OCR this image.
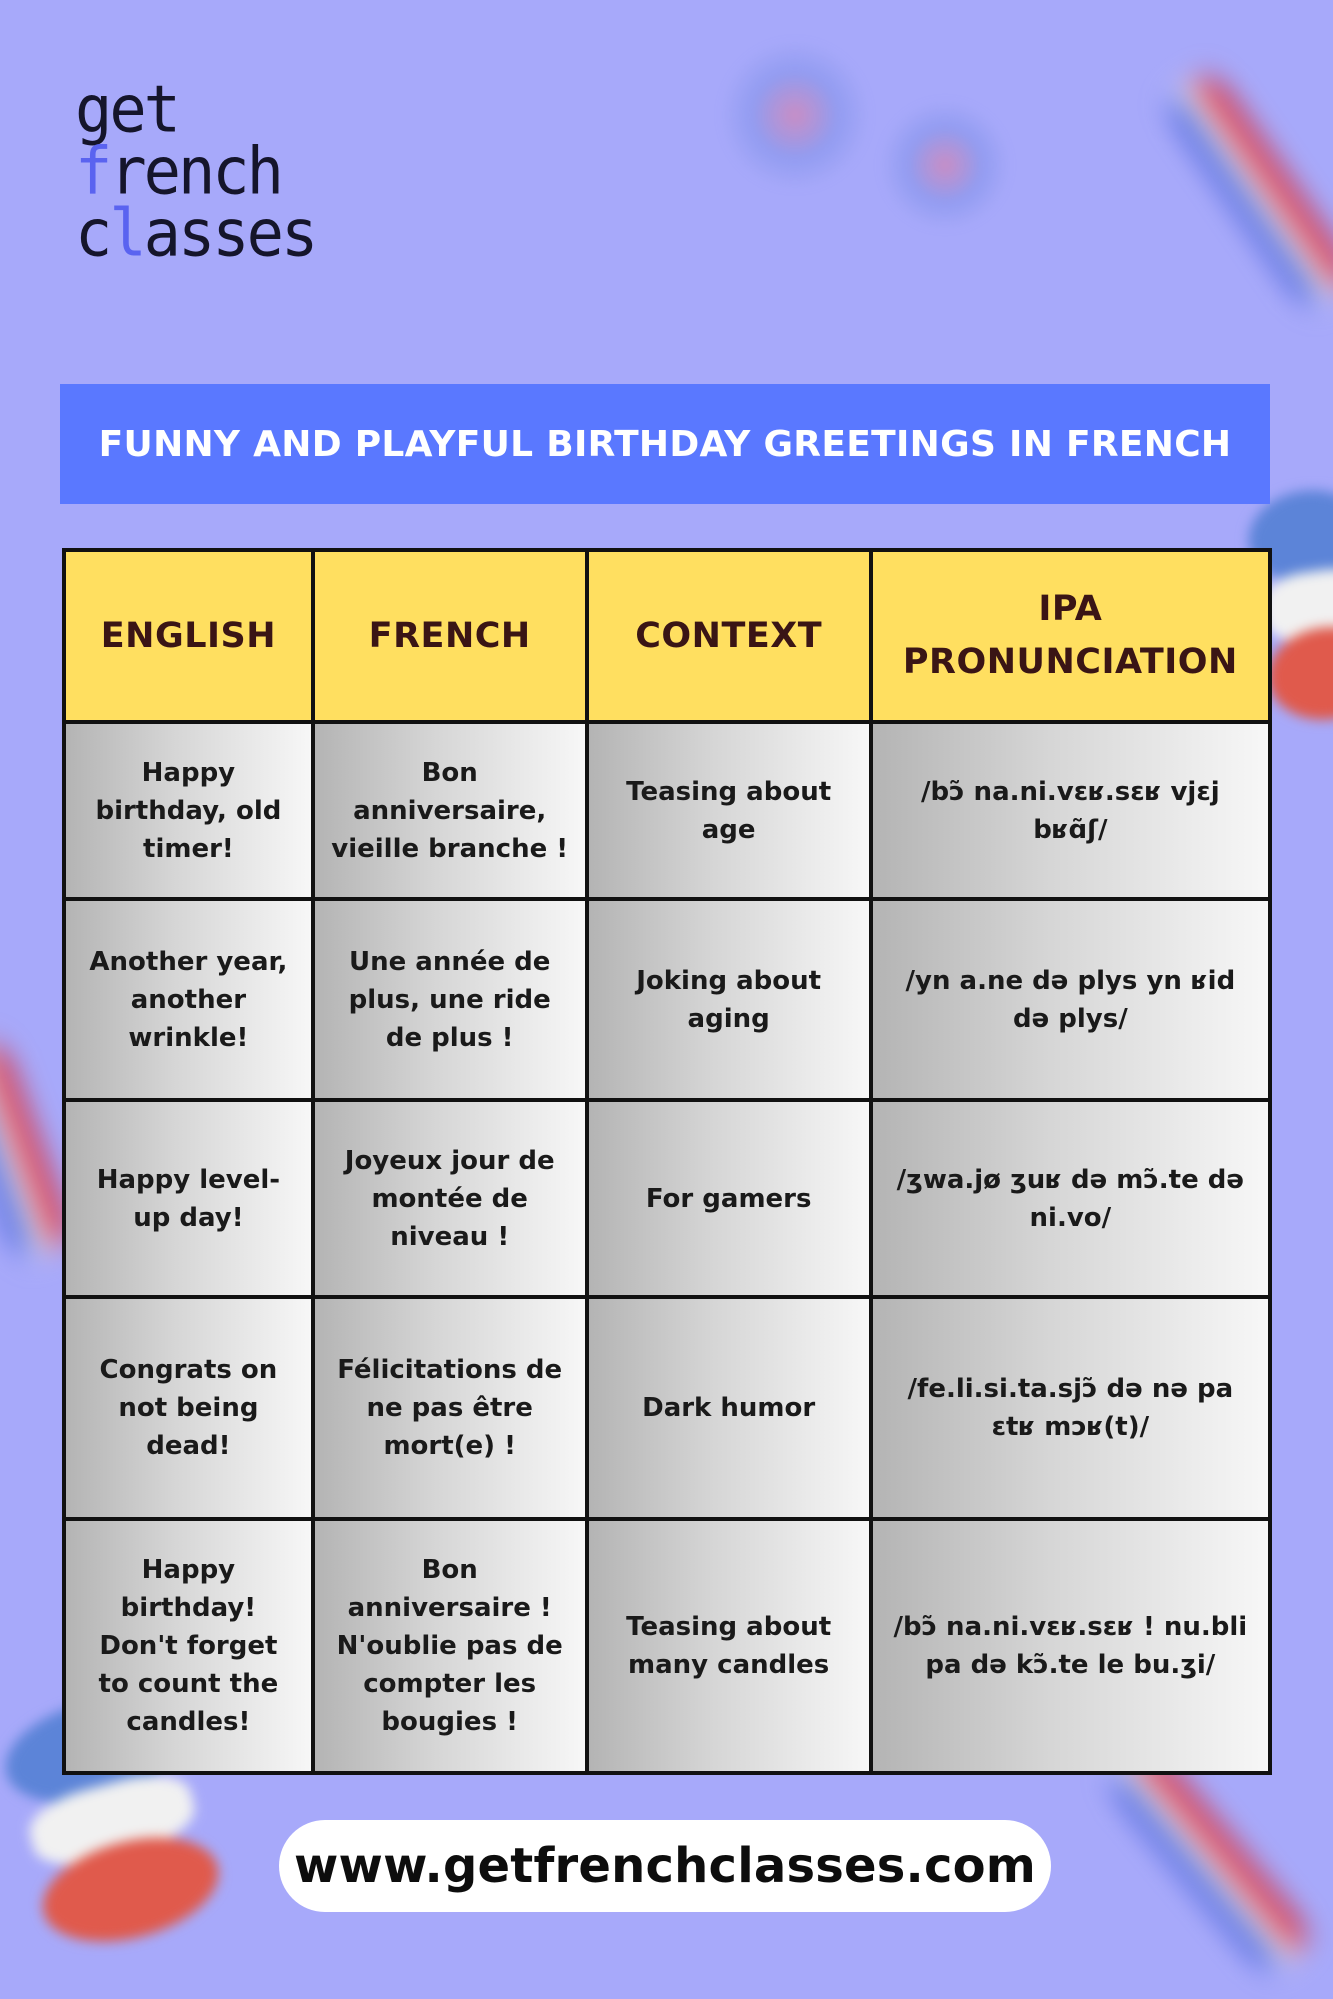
get
french
classes
FUNNY AND PLAYFUL BIRTHDAY GREETINGS IN FRENCH
ENGLISH	FRENCH	CONTEXT	IPA
PRONUNCIATION
Happy birthday, old timer!	Bon anniversaire, vieille branche !	Teasing about age	/bɔ̃ na.ni.vɛʁ.sɛʁ vjɛj bʁɑ̃ʃ/
Another year, another wrinkle!	Une année de plus, une ride de plus !	Joking about aging	/yn a.ne də plys yn ʁid də plys/
Happy level-up day!	Joyeux jour de montée de niveau !	For gamers	/ʒwa.jø ʒuʁ də mɔ̃.te də ni.vo/
Congrats on not being dead!	Félicitations de ne pas être mort(e) !	Dark humor	/fe.li.si.ta.sjɔ̃ də nə pa ɛtʁ mɔʁ(t)/
Happy birthday! Don't forget to count the candles!	Bon anniversaire ! N'oublie pas de compter les bougies !	Teasing about many candles	/bɔ̃ na.ni.vɛʁ.sɛʁ ! nu.bli pa də kɔ̃.te le bu.ʒi/
www.getfrenchclasses.com
